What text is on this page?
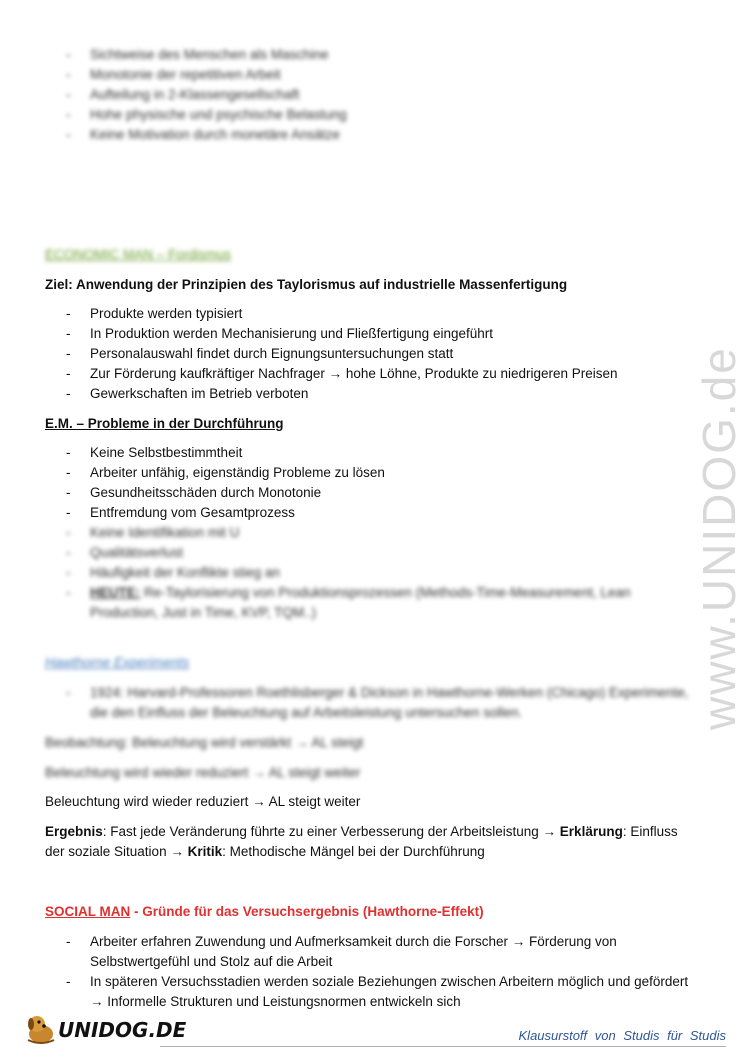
- Sichtweise des Menschen als Maschine
- Monotonie der repetitiven Arbeit
- Aufteilung in 2-Klassengesellschaft
- Hohe physische und psychische Belastung
- Keine Motivation durch monetäre Ansätze
ECONOMIC MAN – Fordismus
Ziel: Anwendung der Prinzipien des Taylorismus auf industrielle Massenfertigung
- Produkte werden typisiert
- In Produktion werden Mechanisierung und Fließfertigung eingeführt
- Personalauswahl findet durch Eignungsuntersuchungen statt
- Zur Förderung kaufkräftiger Nachfrager → hohe Löhne, Produkte zu niedrigeren Preisen
- Gewerkschaften im Betrieb verboten
E.M. – Probleme in der Durchführung
- Keine Selbstbestimmtheit
- Arbeiter unfähig, eigenständig Probleme zu lösen
- Gesundheitsschäden durch Monotonie
- Entfremdung vom Gesamtprozess
- Keine Identifikation mit U
- Qualitätsverlust
- Häufigkeit der Konflikte stieg an
- HEUTE: Re-Taylorisierung von Produktionsprozessen (Methods-Time-Measurement, Lean
Production, Just in Time, KVP, TQM..)
Hawthorne Experiments
- 1924: Harvard-Professoren Roethlisberger & Dickson in Hawthorne-Werken (Chicago) Experimente,
die den Einfluss der Beleuchtung auf Arbeitsleistung untersuchen sollen.
Beobachtung: Beleuchtung wird verstärkt → AL steigt
Beleuchtung wird wieder reduziert → AL steigt weiter
Beleuchtung wird wieder reduziert → AL steigt weiter
Ergebnis: Fast jede Veränderung führte zu einer Verbesserung der Arbeitsleistung → Erklärung: Einfluss
der soziale Situation → Kritik: Methodische Mängel bei der Durchführung
SOCIAL MAN - Gründe für das Versuchsergebnis (Hawthorne-Effekt)
- Arbeiter erfahren Zuwendung und Aufmerksamkeit durch die Forscher → Förderung von
Selbstwertgefühl und Stolz auf die Arbeit
- In späteren Versuchsstadien werden soziale Beziehungen zwischen Arbeitern möglich und gefördert
→ Informelle Strukturen und Leistungsnormen entwickeln sich
www.UNIDOG.de
UNIDOG.DE	Klausurstoff von Studis für Studis
